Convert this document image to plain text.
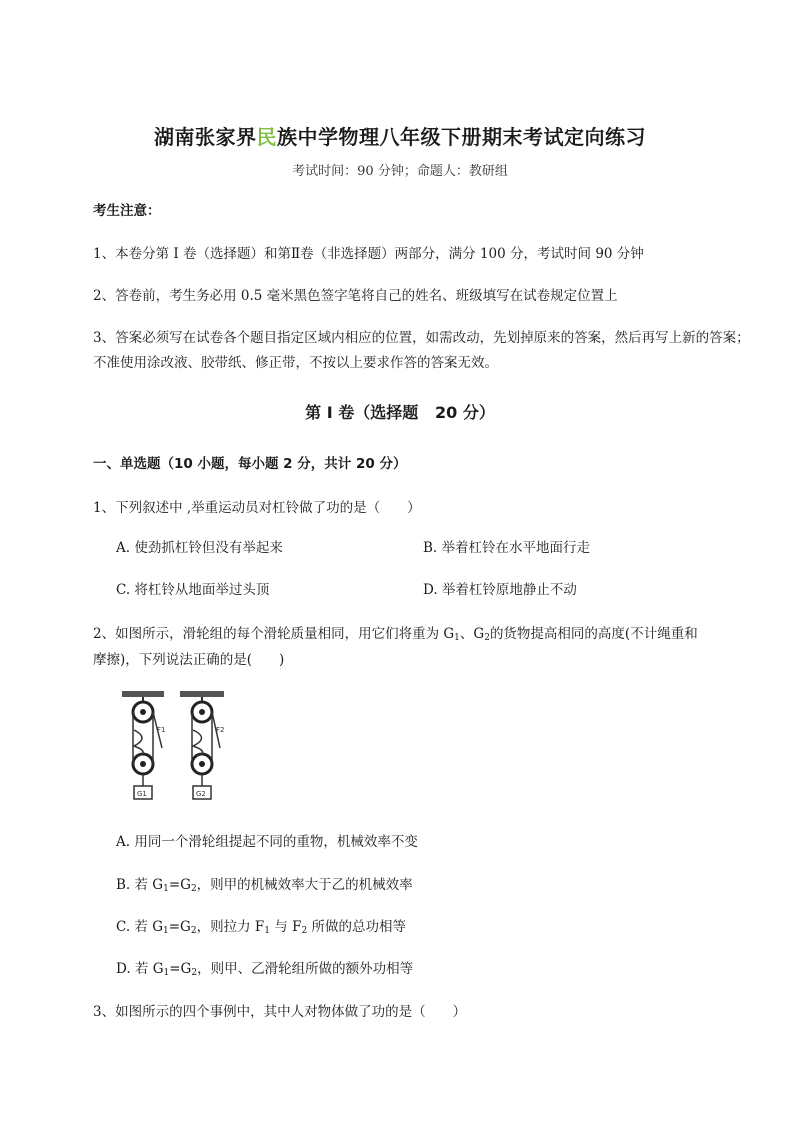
湖南张家界民族中学物理八年级下册期末考试定向练习
考试时间：90 分钟；命题人：教研组
考生注意：
1、本卷分第 I 卷（选择题）和第Ⅱ卷（非选择题）两部分，满分 100 分，考试时间 90 分钟
2、答卷前，考生务必用 0.5 毫米黑色签字笔将自己的姓名、班级填写在试卷规定位置上
3、答案必须写在试卷各个题目指定区域内相应的位置，如需改动，先划掉原来的答案，然后再写上新的答案；不准使用涂改液、胶带纸、修正带，不按以上要求作答的答案无效。
第 I 卷（选择题   20 分）
一、单选题（10 小题，每小题 2 分，共计 20 分）
1、下列叙述中 ,举重运动员对杠铃做了功的是（　　）
A. 使劲抓杠铃但没有举起来	B. 举着杠铃在水平地面行走
C. 将杠铃从地面举过头顶	D. 举着杠铃原地静止不动
2、如图所示，滑轮组的每个滑轮质量相同，用它们将重为 $G_1$、$G_2$的货物提高相同的高度(不计绳重和
摩擦)，下列说法正确的是(　　)
F1
G1
F2
G2
A. 用同一个滑轮组提起不同的重物，机械效率不变
B. 若 $G_1=G_2$，则甲的机械效率大于乙的机械效率
C. 若 $G_1=G_2$，则拉力 $F_1$ 与 $F_2$ 所做的总功相等
D. 若 $G_1=G_2$，则甲、乙滑轮组所做的额外功相等
3、如图所示的四个事例中，其中人对物体做了功的是（　　）
